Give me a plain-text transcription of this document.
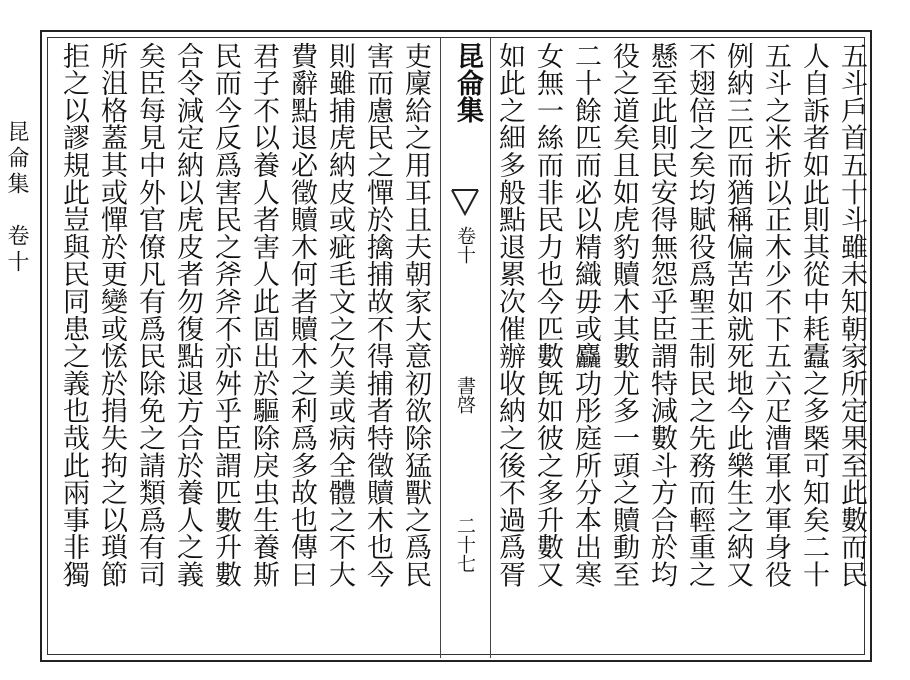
昆侖集　卷十	五斗戶首五十斗雖未知朝家所定果至此數而民
人自訴者如此則其從中耗蠹之多槩可知矣二十
五斗之米折以正木少不下五六疋漕軍水軍身役
例納三匹而猶稱偏苦如就死地今此樂生之納又
不翅倍之矣均賦役爲聖王制民之先務而輕重之
懸至此則民安得無怨乎臣謂特減數斗方合於均
役之道矣且如虎豹贖木其數尤多一頭之贖動至
二十餘匹而必以精織毋或麤功彤庭所分本出寒
女無一絲而非民力也今匹數旣如彼之多升數又
如此之細多般點退累次催辦收納之後不過爲胥
昆侖集
卷十
書啓
二十七
吏廩給之用耳且夫朝家大意初欲除猛獸之爲民
害而慮民之憚於擒捕故不得捕者特徵贖木也今
則雖捕虎納皮或疵毛文之欠美或病全體之不大
費辭點退必徵贖木何者贖木之利爲多故也傳曰
君子不以養人者害人此固出於驅除戾虫生養斯
民而今反爲害民之斧斧不亦舛乎臣謂匹數升數
合令減定納以虎皮者勿復點退方合於養人之義
矣臣每見中外官僚凡有爲民除免之請類爲有司
所沮格蓋其或憚於更變或恡於捐失拘之以瑣節
拒之以謬規此豈與民同患之義也哉此兩事非獨
